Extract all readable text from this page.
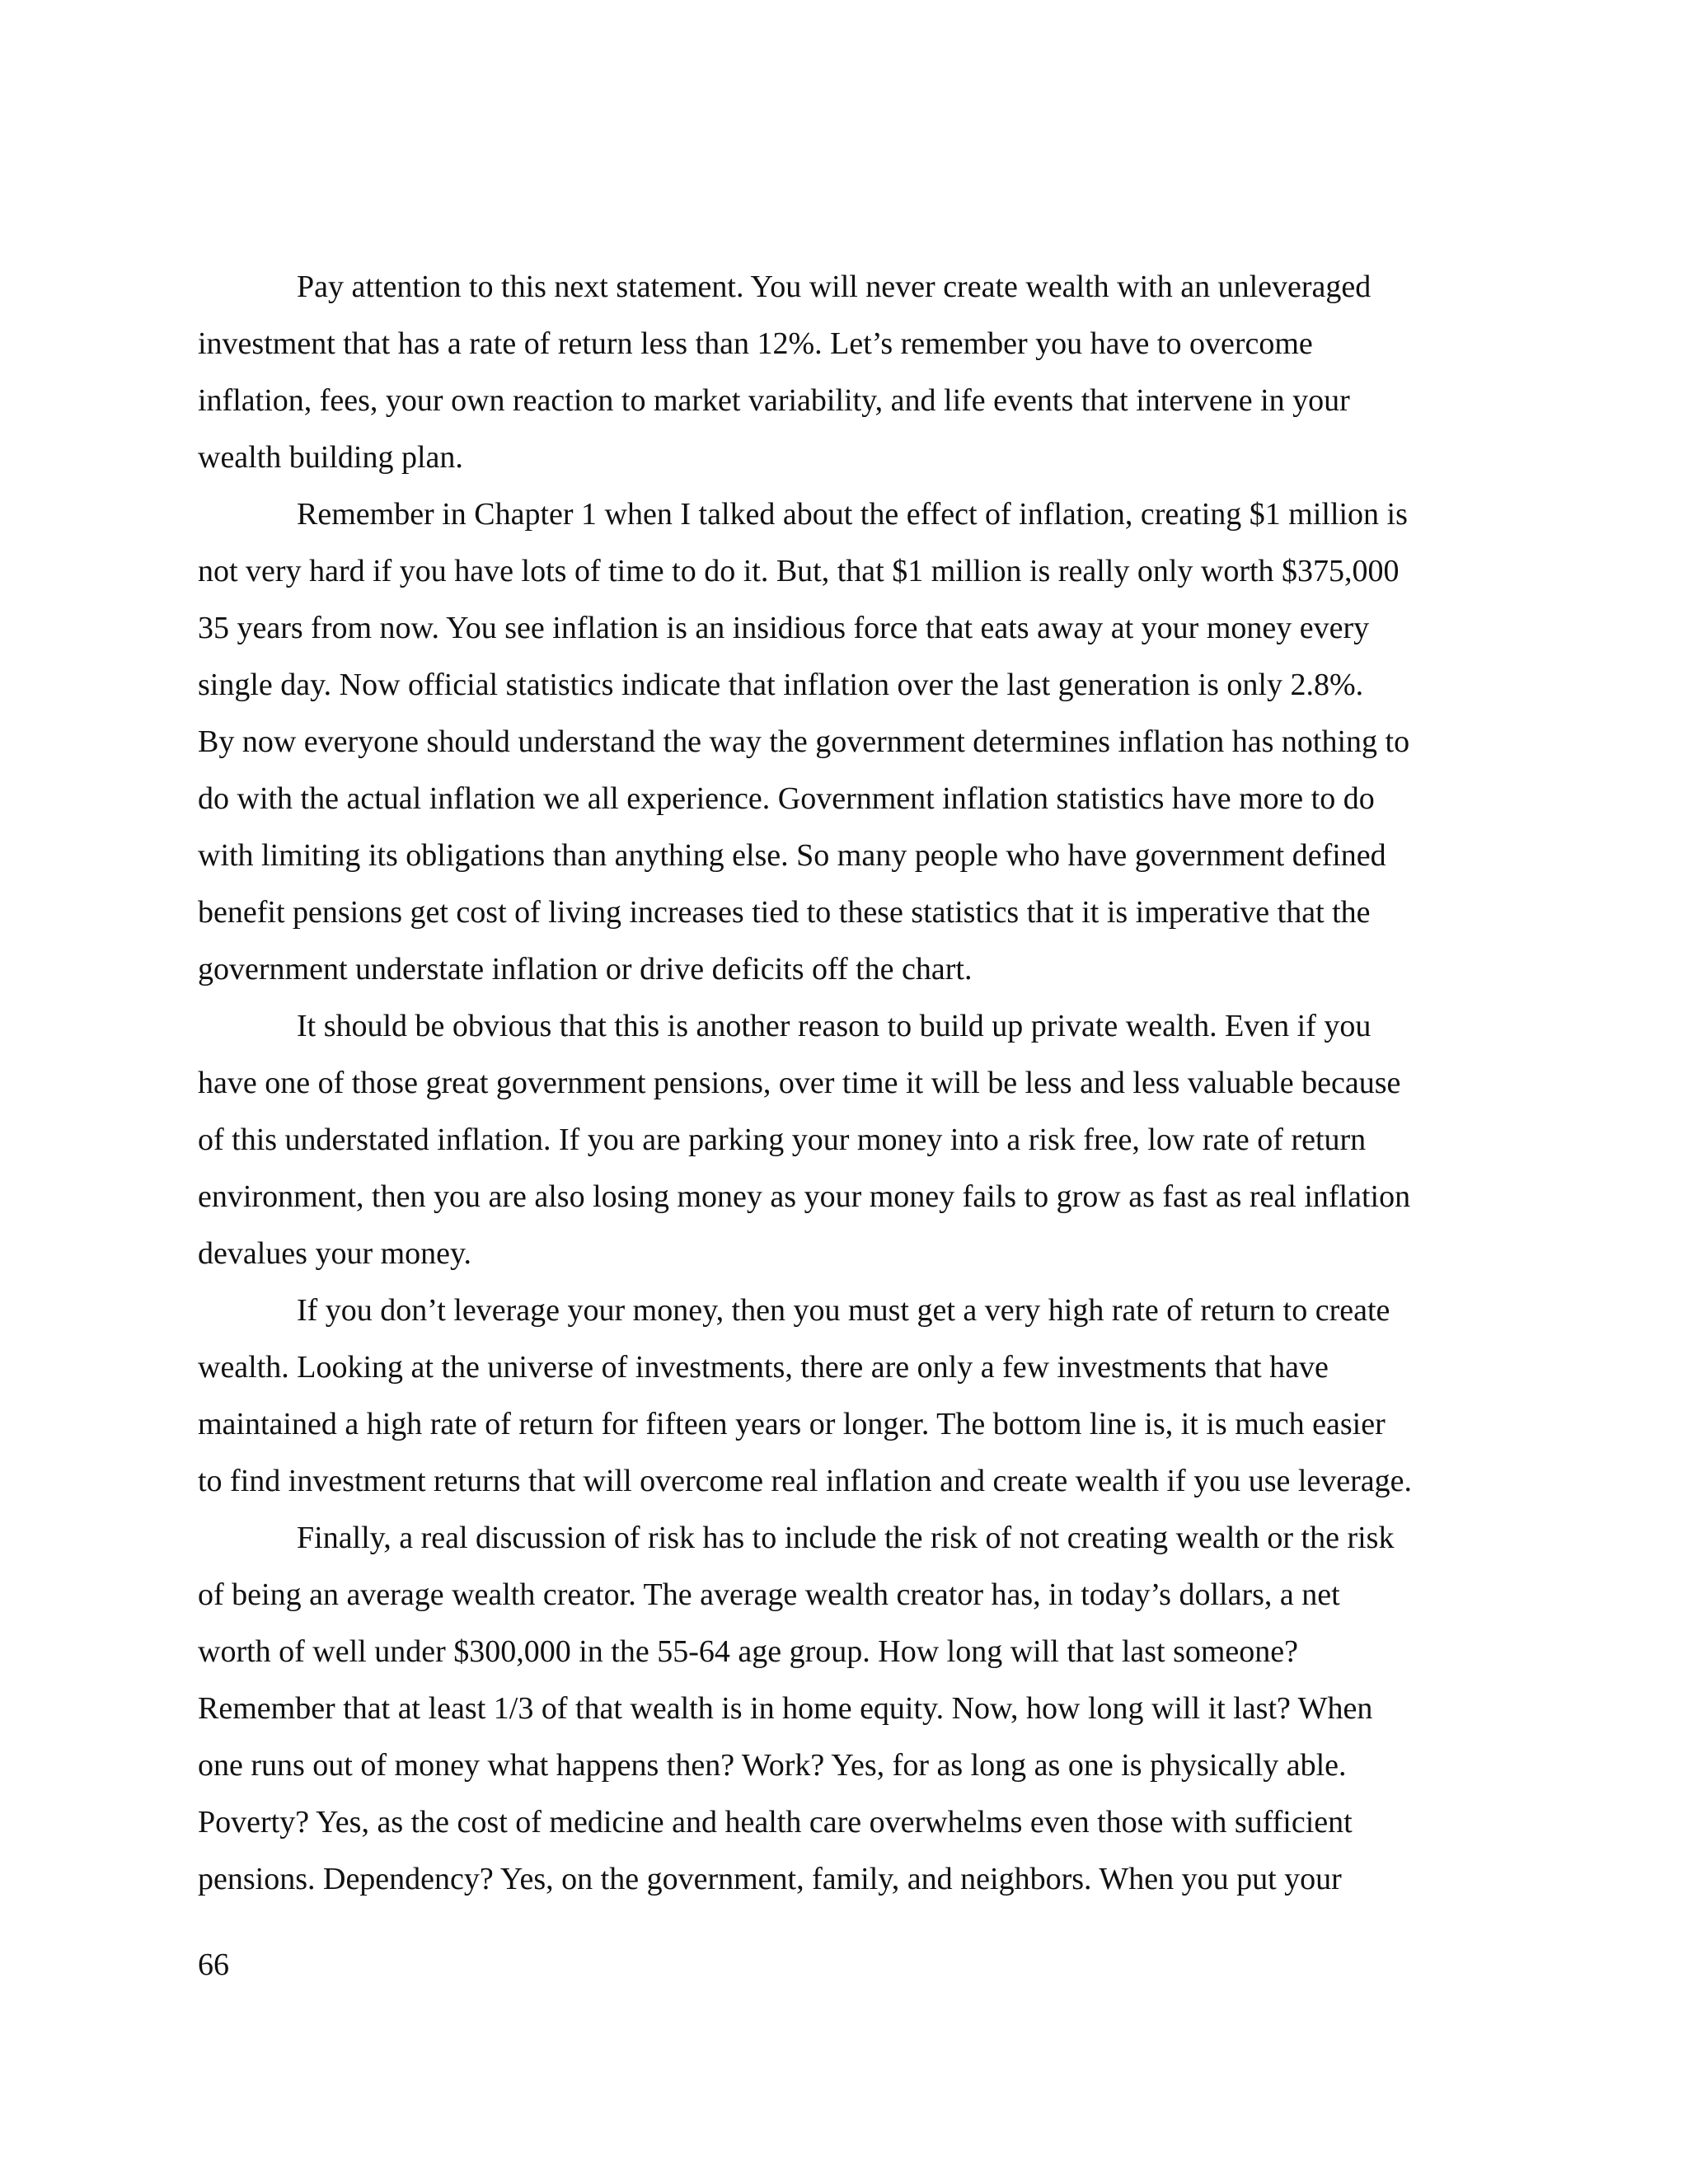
Pay attention to this next statement. You will never create wealth with an unleveraged
investment that has a rate of return less than 12%. Let’s remember you have to overcome
inflation, fees, your own reaction to market variability, and life events that intervene in your
wealth building plan.
Remember in Chapter 1 when I talked about the effect of inflation, creating $1 million is
not very hard if you have lots of time to do it. But, that $1 million is really only worth $375,000
35 years from now. You see inflation is an insidious force that eats away at your money every
single day. Now official statistics indicate that inflation over the last generation is only 2.8%.
By now everyone should understand the way the government determines inflation has nothing to
do with the actual inflation we all experience. Government inflation statistics have more to do
with limiting its obligations than anything else. So many people who have government defined
benefit pensions get cost of living increases tied to these statistics that it is imperative that the
government understate inflation or drive deficits off the chart.
It should be obvious that this is another reason to build up private wealth. Even if you
have one of those great government pensions, over time it will be less and less valuable because
of this understated inflation. If you are parking your money into a risk free, low rate of return
environment, then you are also losing money as your money fails to grow as fast as real inflation
devalues your money.
If you don’t leverage your money, then you must get a very high rate of return to create
wealth. Looking at the universe of investments, there are only a few investments that have
maintained a high rate of return for fifteen years or longer. The bottom line is, it is much easier
to find investment returns that will overcome real inflation and create wealth if you use leverage.
Finally, a real discussion of risk has to include the risk of not creating wealth or the risk
of being an average wealth creator. The average wealth creator has, in today’s dollars, a net
worth of well under $300,000 in the 55-64 age group. How long will that last someone?
Remember that at least 1/3 of that wealth is in home equity. Now, how long will it last? When
one runs out of money what happens then? Work? Yes, for as long as one is physically able.
Poverty? Yes, as the cost of medicine and health care overwhelms even those with sufficient
pensions. Dependency? Yes, on the government, family, and neighbors. When you put your
66
